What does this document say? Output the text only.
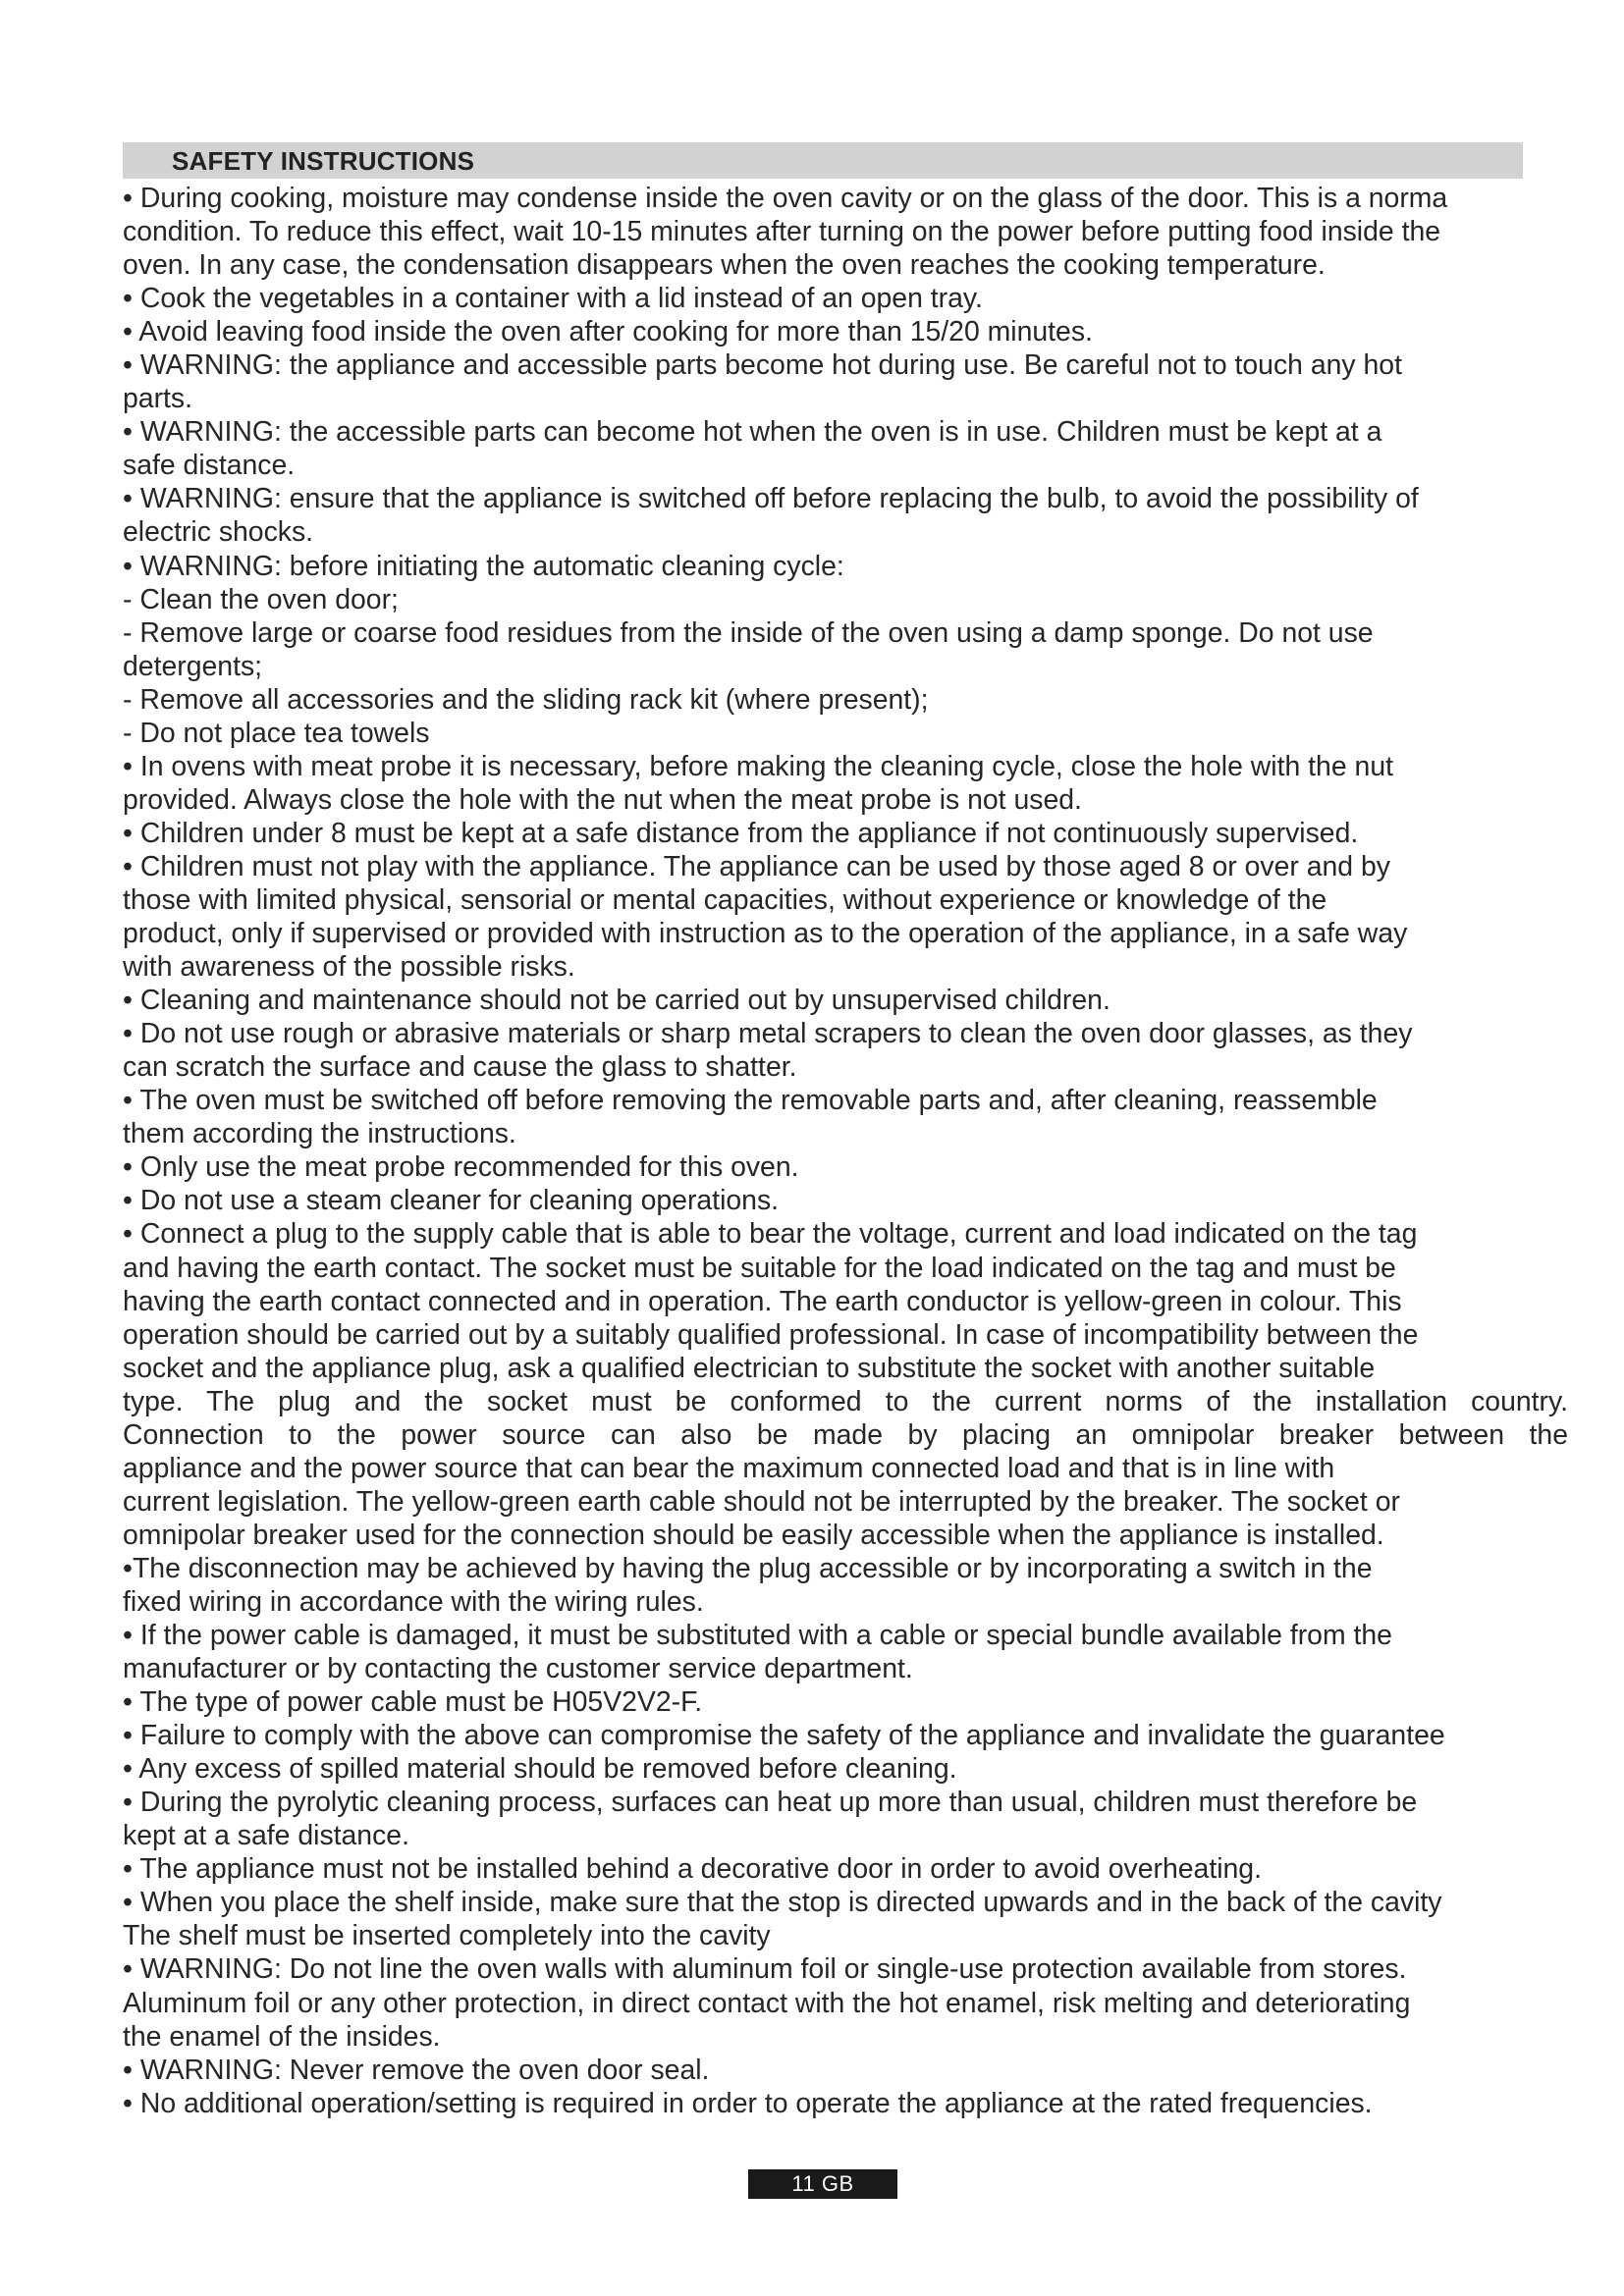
SAFETY INSTRUCTIONS
• During cooking, moisture may condense inside the oven cavity or on the glass of the door. This is a norma
condition. To reduce this effect, wait 10-15 minutes after turning on the power before putting food inside the
oven. In any case, the condensation disappears when the oven reaches the cooking temperature.
• Cook the vegetables in a container with a lid instead of an open tray.
• Avoid leaving food inside the oven after cooking for more than 15/20 minutes.
• WARNING: the appliance and accessible parts become hot during use. Be careful not to touch any hot
parts.
• WARNING: the accessible parts can become hot when the oven is in use. Children must be kept at a
safe distance.
• WARNING: ensure that the appliance is switched off before replacing the bulb, to avoid the possibility of
electric shocks.
• WARNING: before initiating the automatic cleaning cycle:
- Clean the oven door;
- Remove large or coarse food residues from the inside of the oven using a damp sponge. Do not use
detergents;
- Remove all accessories and the sliding rack kit (where present);
- Do not place tea towels
• In ovens with meat probe it is necessary, before making the cleaning cycle, close the hole with the nut
provided. Always close the hole with the nut when the meat probe is not used.
• Children under 8 must be kept at a safe distance from the appliance if not continuously supervised.
• Children must not play with the appliance. The appliance can be used by those aged 8 or over and by
those with limited physical, sensorial or mental capacities, without experience or knowledge of the
product, only if supervised or provided with instruction as to the operation of the appliance, in a safe way
with awareness of the possible risks.
• Cleaning and maintenance should not be carried out by unsupervised children.
• Do not use rough or abrasive materials or sharp metal scrapers to clean the oven door glasses, as they
can scratch the surface and cause the glass to shatter.
• The oven must be switched off before removing the removable parts and, after cleaning, reassemble
them according the instructions.
• Only use the meat probe recommended for this oven.
• Do not use a steam cleaner for cleaning operations.
• Connect a plug to the supply cable that is able to bear the voltage, current and load indicated on the tag
and having the earth contact. The socket must be suitable for the load indicated on the tag and must be
having the earth contact connected and in operation. The earth conductor is yellow-green in colour. This
operation should be carried out by a suitably qualified professional. In case of incompatibility between the
socket and the appliance plug, ask a qualified electrician to substitute the socket with another suitable
type. The plug and the socket must be conformed to the current norms of the installation country.
Connection to the power source can also be made by placing an omnipolar breaker between the
appliance and the power source that can bear the maximum connected load and that is in line with
current legislation. The yellow-green earth cable should not be interrupted by the breaker. The socket or
omnipolar breaker used for the connection should be easily accessible when the appliance is installed.
•The disconnection may be achieved by having the plug accessible or by incorporating a switch in the
fixed wiring in accordance with the wiring rules.
• If the power cable is damaged, it must be substituted with a cable or special bundle available from the
manufacturer or by contacting the customer service department.
• The type of power cable must be H05V2V2-F.
• Failure to comply with the above can compromise the safety of the appliance and invalidate the guarantee
• Any excess of spilled material should be removed before cleaning.
• During the pyrolytic cleaning process, surfaces can heat up more than usual, children must therefore be
kept at a safe distance.
• The appliance must not be installed behind a decorative door in order to avoid overheating.
• When you place the shelf inside, make sure that the stop is directed upwards and in the back of the cavity
The shelf must be inserted completely into the cavity
• WARNING: Do not line the oven walls with aluminum foil or single-use protection available from stores.
Aluminum foil or any other protection, in direct contact with the hot enamel, risk melting and deteriorating
the enamel of the insides.
• WARNING: Never remove the oven door seal.
• No additional operation/setting is required in order to operate the appliance at the rated frequencies.
11 GB
